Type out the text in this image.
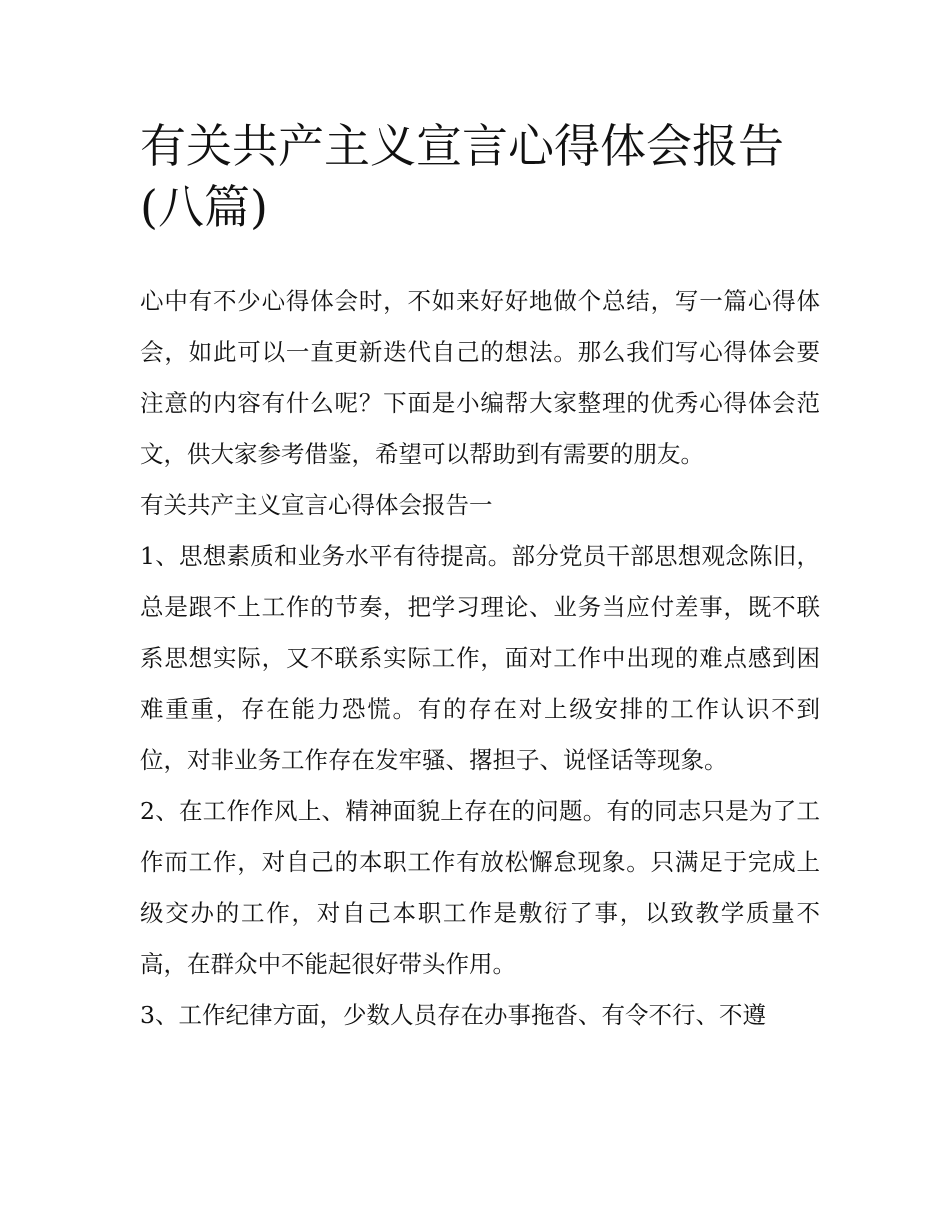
有关共产主义宣言心得体会报告(八篇)

心中有不少心得体会时，不如来好好地做个总结，写一篇心得体会，如此可以一直更新迭代自己的想法。那么我们写心得体会要注意的内容有什么呢？下面是小编帮大家整理的优秀心得体会范文，供大家参考借鉴，希望可以帮助到有需要的朋友。

有关共产主义宣言心得体会报告一

1、思想素质和业务水平有待提高。部分党员干部思想观念陈旧，总是跟不上工作的节奏，把学习理论、业务当应付差事，既不联系思想实际，又不联系实际工作，面对工作中出现的难点感到困难重重，存在能力恐慌。有的存在对上级安排的工作认识不到位，对非业务工作存在发牢骚、撂担子、说怪话等现象。

2、在工作作风上、精神面貌上存在的问题。有的同志只是为了工作而工作，对自己的本职工作有放松懈怠现象。只满足于完成上级交办的工作，对自己本职工作是敷衍了事，以致教学质量不高，在群众中不能起很好带头作用。

3、工作纪律方面，少数人员存在办事拖沓、有令不行、不遵
